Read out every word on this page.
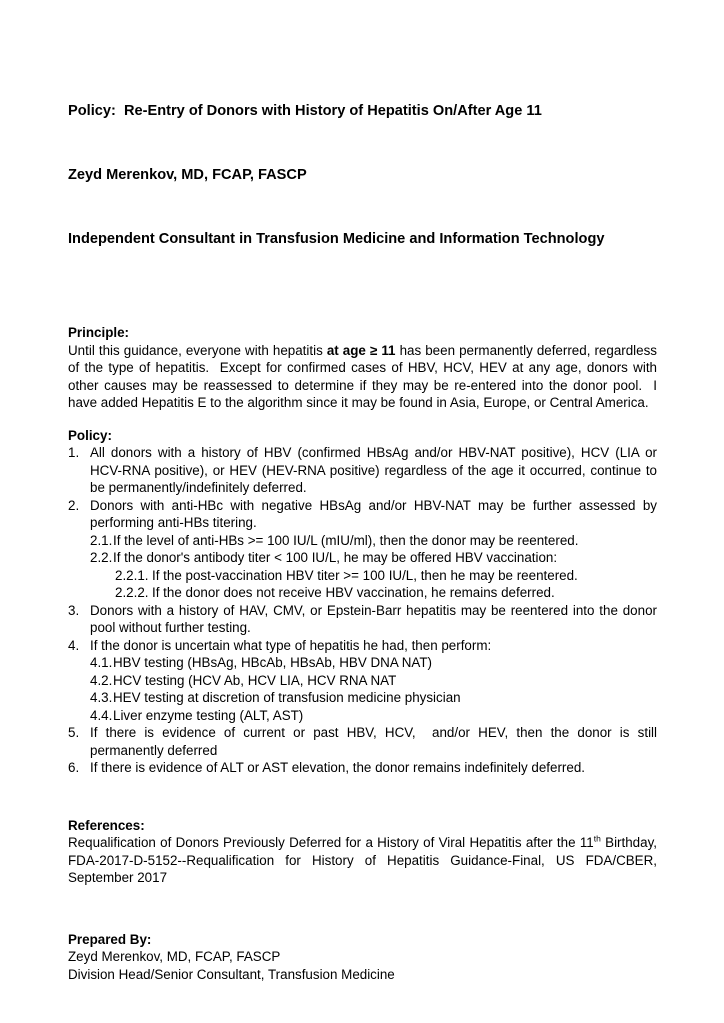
Policy:  Re-Entry of Donors with History of Hepatitis On/After Age 11

Zeyd Merenkov, MD, FCAP, FASCP

Independent Consultant in Transfusion Medicine and Information Technology

Principle:
Until this guidance, everyone with hepatitis at age ≥ 11 has been permanently deferred, regardless of the type of hepatitis.  Except for confirmed cases of HBV, HCV, HEV at any age, donors with other causes may be reassessed to determine if they may be re-entered into the donor pool.  I have added Hepatitis E to the algorithm since it may be found in Asia, Europe, or Central America.
Policy:
1. All donors with a history of HBV (confirmed HBsAg and/or HBV-NAT positive), HCV (LIA or HCV-RNA positive), or HEV (HEV-RNA positive) regardless of the age it occurred, continue to be permanently/indefinitely deferred.
2. Donors with anti-HBc with negative HBsAg and/or HBV-NAT may be further assessed by performing anti-HBs titering.
2.1. If the level of anti-HBs >= 100 IU/L (mIU/ml), then the donor may be reentered.
2.2. If the donor's antibody titer < 100 IU/L, he may be offered HBV vaccination:
2.2.1. If the post-vaccination HBV titer >= 100 IU/L, then he may be reentered.
2.2.2. If the donor does not receive HBV vaccination, he remains deferred.
3. Donors with a history of HAV, CMV, or Epstein-Barr hepatitis may be reentered into the donor pool without further testing.
4. If the donor is uncertain what type of hepatitis he had, then perform:
4.1. HBV testing (HBsAg, HBcAb, HBsAb, HBV DNA NAT)
4.2. HCV testing (HCV Ab, HCV LIA, HCV RNA NAT
4.3. HEV testing at discretion of transfusion medicine physician
4.4. Liver enzyme testing (ALT, AST)
5. If there is evidence of current or past HBV, HCV,  and/or HEV, then the donor is still permanently deferred
6. If there is evidence of ALT or AST elevation, the donor remains indefinitely deferred.
References:
Requalification of Donors Previously Deferred for a History of Viral Hepatitis after the 11th Birthday, FDA-2017-D-5152--Requalification for History of Hepatitis Guidance-Final, US FDA/CBER, September 2017
Prepared By:
Zeyd Merenkov, MD, FCAP, FASCP
Division Head/Senior Consultant, Transfusion Medicine
